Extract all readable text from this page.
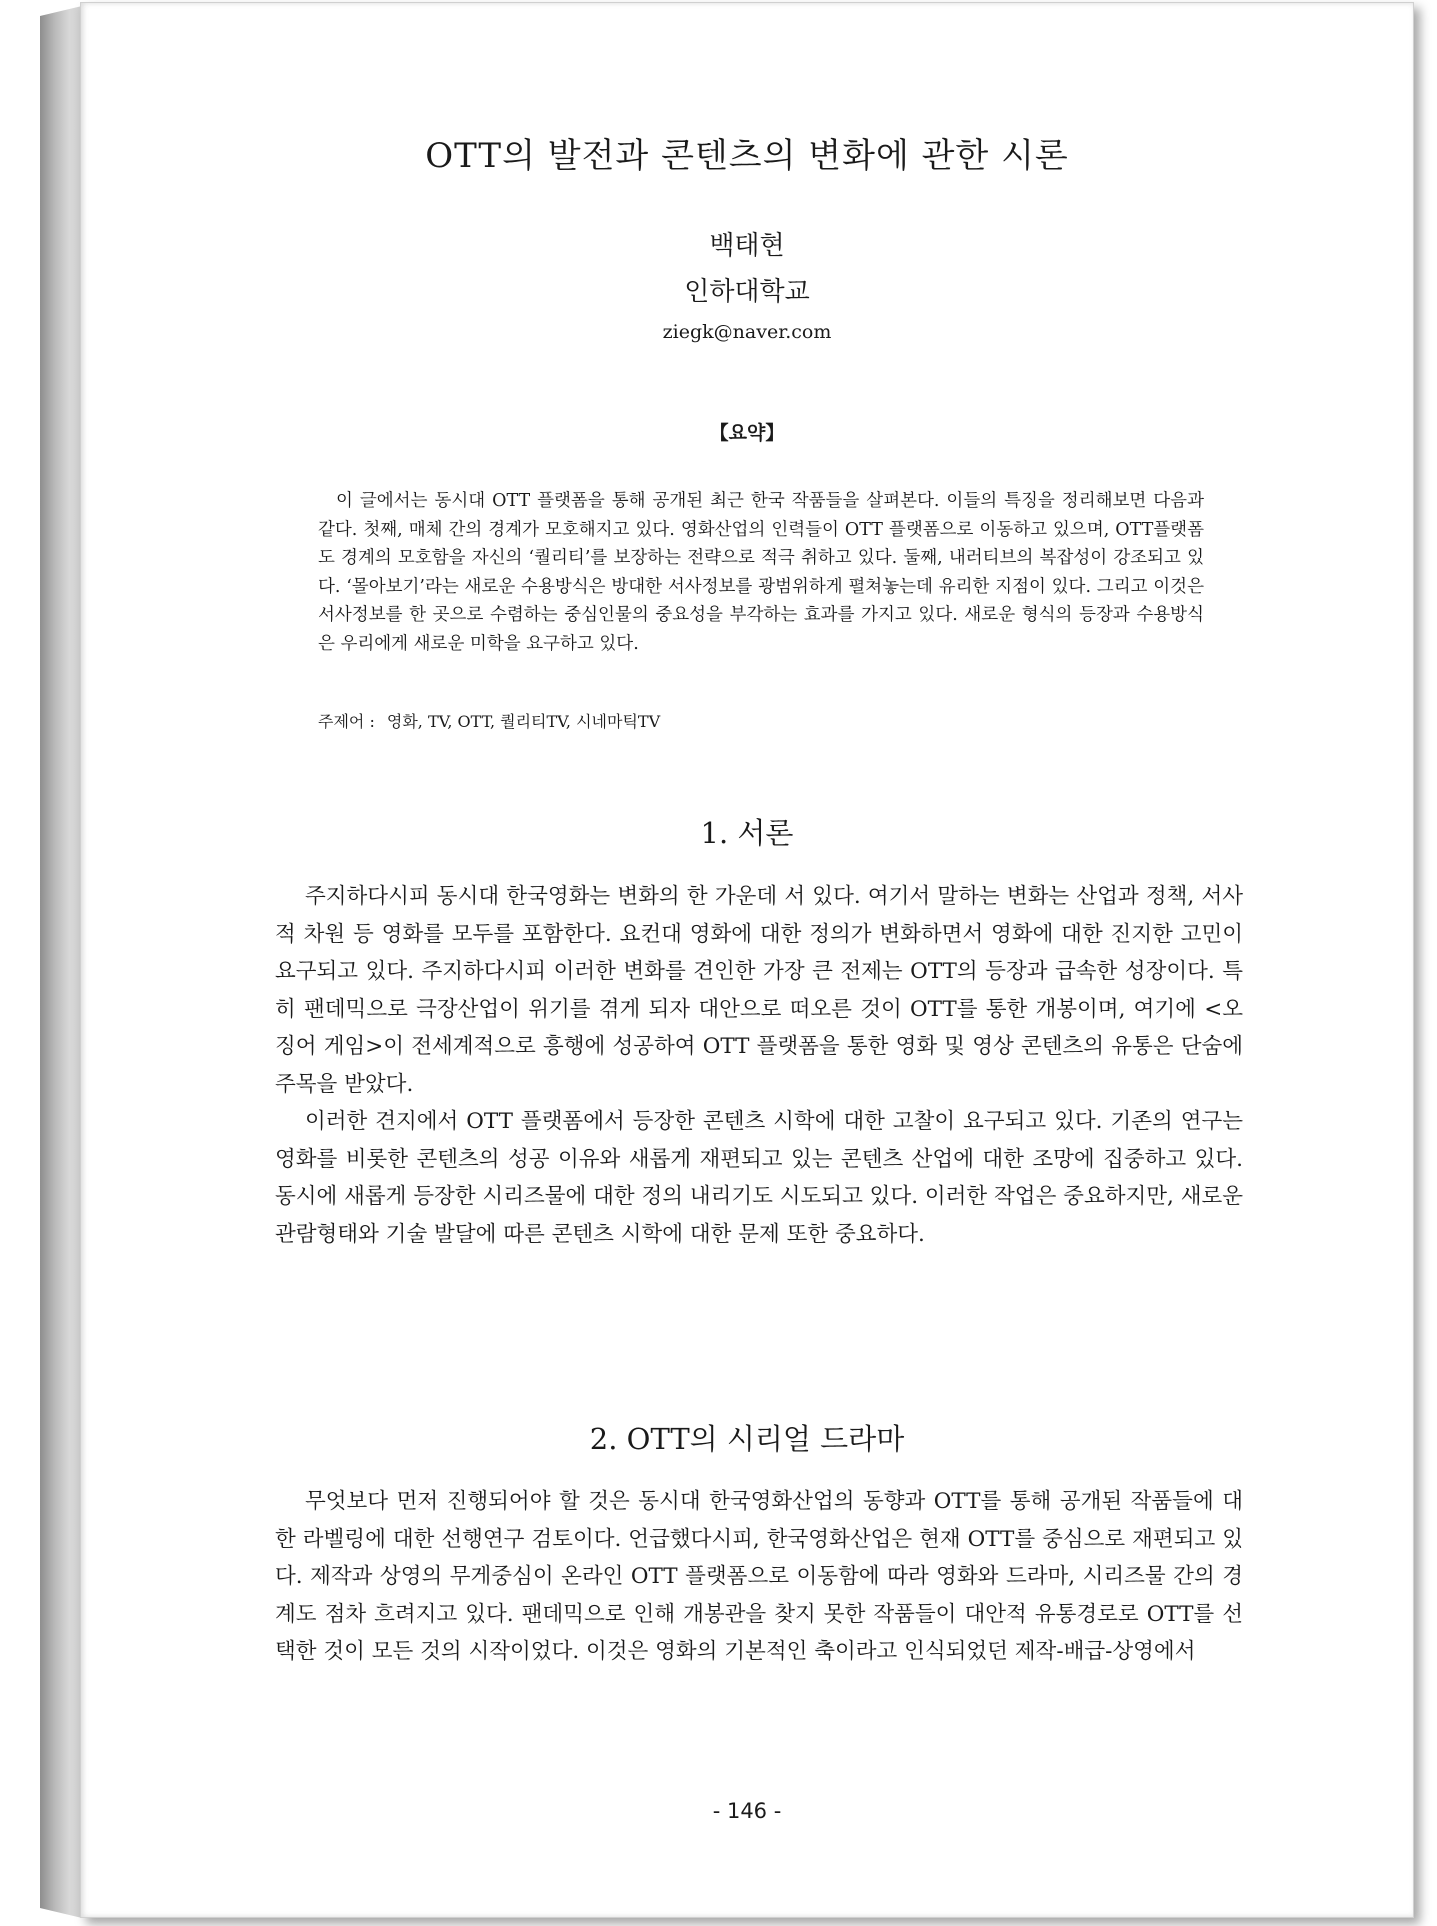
OTT의 발전과 콘텐츠의 변화에 관한 시론
백태현
인하대학교
ziegk@naver.com
【요약】

이 글에서는 동시대 OTT 플랫폼을 통해 공개된 최근 한국 작품들을 살펴본다. 이들의 특징을 정리해보면 다음과 같다. 첫째, 매체 간의 경계가 모호해지고 있다. 영화산업의 인력들이 OTT 플랫폼으로 이동하고 있으며, OTT플랫폼도 경계의 모호함을 자신의 ‘퀄리티’를 보장하는 전략으로 적극 취하고 있다. 둘째, 내러티브의 복잡성이 강조되고 있다. ‘몰아보기’라는 새로운 수용방식은 방대한 서사정보를 광범위하게 펼쳐놓는데 유리한 지점이 있다. 그리고 이것은 서사정보를 한 곳으로 수렴하는 중심인물의 중요성을 부각하는 효과를 가지고 있다. 새로운 형식의 등장과 수용방식은 우리에게 새로운 미학을 요구하고 있다.

주제어 : 영화, TV, OTT, 퀄리티TV, 시네마틱TV
1. 서론

주지하다시피 동시대 한국영화는 변화의 한 가운데 서 있다. 여기서 말하는 변화는 산업과 정책, 서사적 차원 등 영화를 모두를 포함한다. 요컨대 영화에 대한 정의가 변화하면서 영화에 대한 진지한 고민이 요구되고 있다. 주지하다시피 이러한 변화를 견인한 가장 큰 전제는 OTT의 등장과 급속한 성장이다. 특히 팬데믹으로 극장산업이 위기를 겪게 되자 대안으로 떠오른 것이 OTT를 통한 개봉이며, 여기에 <오징어 게임>이 전세계적으로 흥행에 성공하여 OTT 플랫폼을 통한 영화 및 영상 콘텐츠의 유통은 단숨에 주목을 받았다.

이러한 견지에서 OTT 플랫폼에서 등장한 콘텐츠 시학에 대한 고찰이 요구되고 있다. 기존의 연구는 영화를 비롯한 콘텐츠의 성공 이유와 새롭게 재편되고 있는 콘텐츠 산업에 대한 조망에 집중하고 있다. 동시에 새롭게 등장한 시리즈물에 대한 정의 내리기도 시도되고 있다. 이러한 작업은 중요하지만, 새로운 관람형태와 기술 발달에 따른 콘텐츠 시학에 대한 문제 또한 중요하다.

2. OTT의 시리얼 드라마

무엇보다 먼저 진행되어야 할 것은 동시대 한국영화산업의 동향과 OTT를 통해 공개된 작품들에 대한 라벨링에 대한 선행연구 검토이다. 언급했다시피, 한국영화산업은 현재 OTT를 중심으로 재편되고 있다. 제작과 상영의 무게중심이 온라인 OTT 플랫폼으로 이동함에 따라 영화와 드라마, 시리즈물 간의 경계도 점차 흐려지고 있다. 팬데믹으로 인해 개봉관을 찾지 못한 작품들이 대안적 유통경로로 OTT를 선택한 것이 모든 것의 시작이었다. 이것은 영화의 기본적인 축이라고 인식되었던 제작-배급-상영에서

- 146 -
